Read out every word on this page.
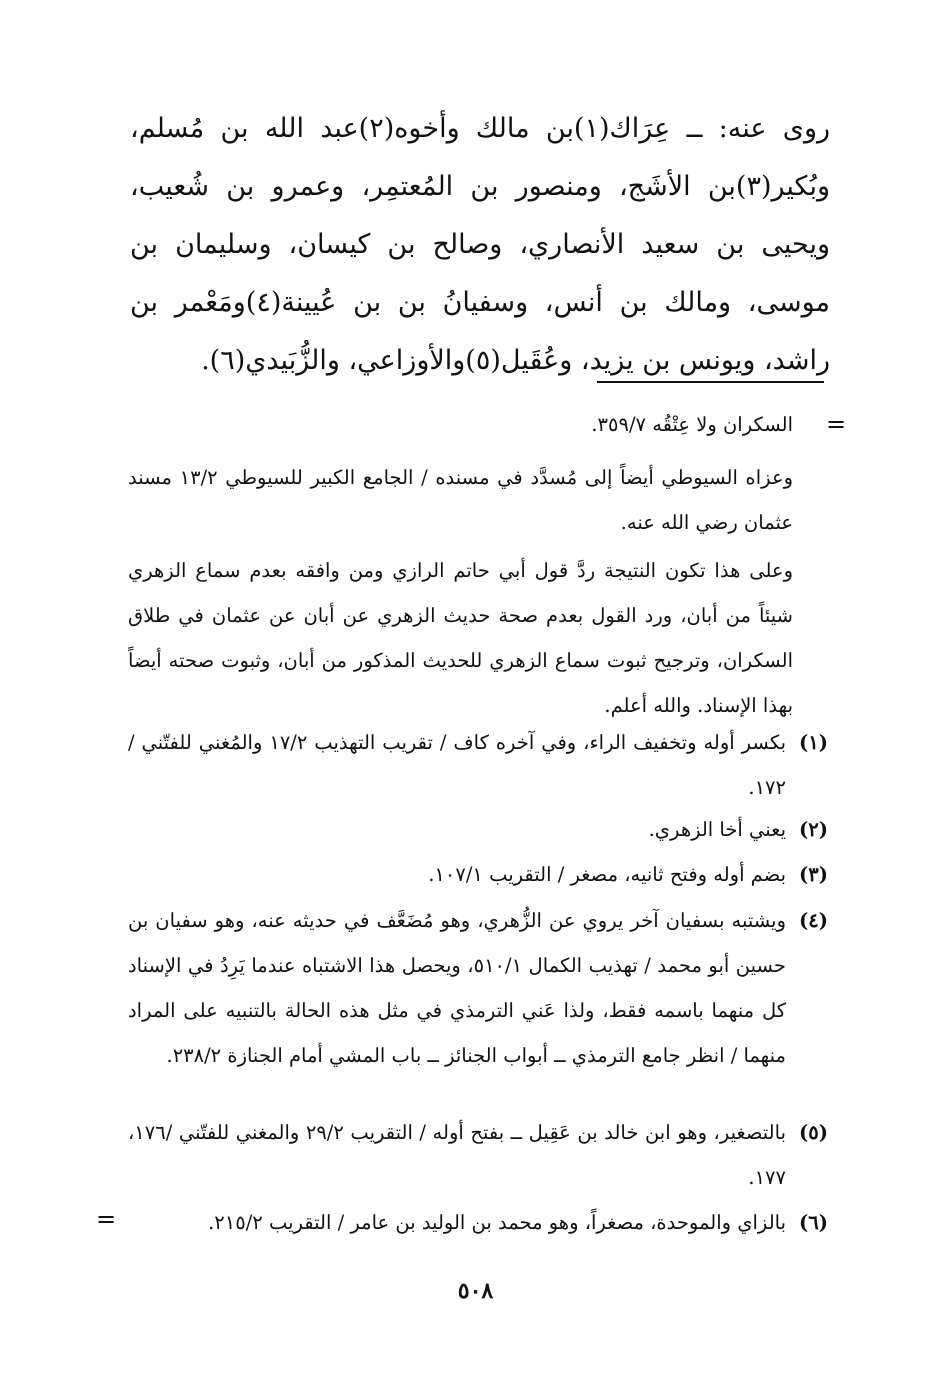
روى عنه: ــ عِرَاك(١)بن مالك وأخوه(٢)عبد الله بن مُسلم، وبُكير(٣)بن الأشَج، ومنصور بن المُعتمِر، وعمرو بن شُعيب، ويحيى بن سعيد الأنصاري، وصالح بن كيسان، وسليمان بن موسى، ومالك بن أنس، وسفيانُ بن بن عُيينة(٤)ومَعْمر بن راشد، ويونس بن يزيد، وعُقَيل(٥)والأوزاعي، والزُّبَيدي(٦).

=

السكران ولا عِتْقُه ٣٥٩/٧.

وعزاه السيوطي أيضاً إلى مُسدَّد في مسنده / الجامع الكبير للسيوطي ١٣/٢ مسند عثمان رضي الله عنه.

وعلى هذا تكون النتيجة ردَّ قول أبي حاتم الرازي ومن وافقه بعدم سماع الزهري شيئاً من أبان، ورد القول بعدم صحة حديث الزهري عن أبان عن عثمان في طلاق السكران، وترجيح ثبوت سماع الزهري للحديث المذكور من أبان، وثبوت صحته أيضاً بهذا الإسناد. والله أعلم.

(١)
بكسر أوله وتخفيف الراء، وفي آخره كاف / تقريب التهذيب ١٧/٢ والمُغني للفتّني / ١٧٢.
(٢)
يعني أخا الزهري.
(٣)
بضم أوله وفتح ثانيه، مصغر / التقريب ١٠٧/١.
(٤)
ويشتبه بسفيان آخر يروي عن الزُّهري، وهو مُضَعَّف في حديثه عنه، وهو سفيان بن حسين أبو محمد / تهذيب الكمال ٥١٠/١، ويحصل هذا الاشتباه عندما يَرِدُ في الإسناد كل منهما باسمه فقط، ولذا عَني الترمذي في مثل هذه الحالة بالتنبيه على المراد منهما / انظر جامع الترمذي ــ أبواب الجنائز ــ باب المشي أمام الجنازة ٢٣٨/٢.
(٥)
بالتصغير، وهو ابن خالد بن عَقِيل ــ بفتح أوله / التقريب ٢٩/٢ والمغني للفتّني /١٧٦، ١٧٧.
(٦)
بالزاي والموحدة، مصغراً، وهو محمد بن الوليد بن عامر / التقريب ٢١٥/٢.
=
٥٠٨
